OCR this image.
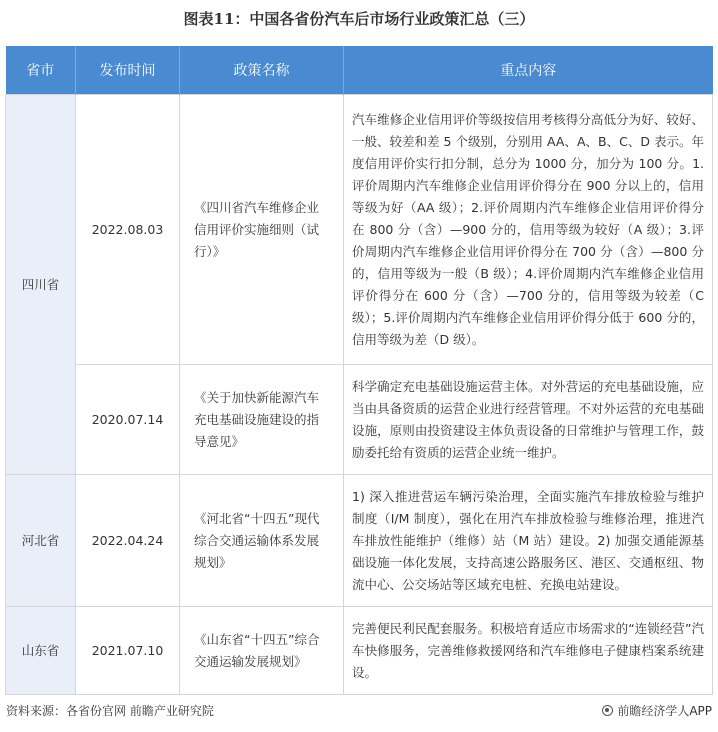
图表11：中国各省份汽车后市场行业政策汇总（三）
省市	发布时间	政策名称	重点内容
四川省	2022.08.03	《四川省汽车维修企业信用评价实施细则（试行）》	汽车维修企业信用评价等级按信用考核得分高低分为好、较好、一般、较差和差 5 个级别，分别用 AA、A、B、C、D 表示。年度信用评价实行扣分制，总分为 1000 分，加分为 100 分。1.评价周期内汽车维修企业信用评价得分在 900 分以上的，信用等级为好（AA 级）；2.评价周期内汽车维修企业信用评价得分在 800 分（含）—900 分的，信用等级为较好（A 级）；3.评价周期内汽车维修企业信用评价得分在 700 分（含）—800 分的，信用等级为一般（B 级）；4.评价周期内汽车维修企业信用评价得分在 600 分（含）—700 分的，信用等级为较差（C 级）；5.评价周期内汽车维修企业信用评价得分低于 600 分的，信用等级为差（D 级）。
	2020.07.14	《关于加快新能源汽车充电基础设施建设的指导意见》	科学确定充电基础设施运营主体。对外营运的充电基础设施，应当由具备资质的运营企业进行经营管理。不对外运营的充电基础设施，原则由投资建设主体负责设备的日常维护与管理工作，鼓励委托给有资质的运营企业统一维护。
河北省	2022.04.24	《河北省“十四五”现代综合交通运输体系发展规划》	1) 深入推进营运车辆污染治理，全面实施汽车排放检验与维护制度（I/M 制度），强化在用汽车排放检验与维修治理，推进汽车排放性能维护（维修）站（M 站）建设。2) 加强交通能源基础设施一体化发展，支持高速公路服务区、港区、交通枢纽、物流中心、公交场站等区域充电桩、充换电站建设。
山东省	2021.07.10	《山东省“十四五”综合交通运输发展规划》	完善便民利民配套服务。积极培育适应市场需求的“连锁经营”汽车快修服务，完善维修救援网络和汽车维修电子健康档案系统建设。
资料来源：各省份官网 前瞻产业研究院	前瞻经济学人APP
